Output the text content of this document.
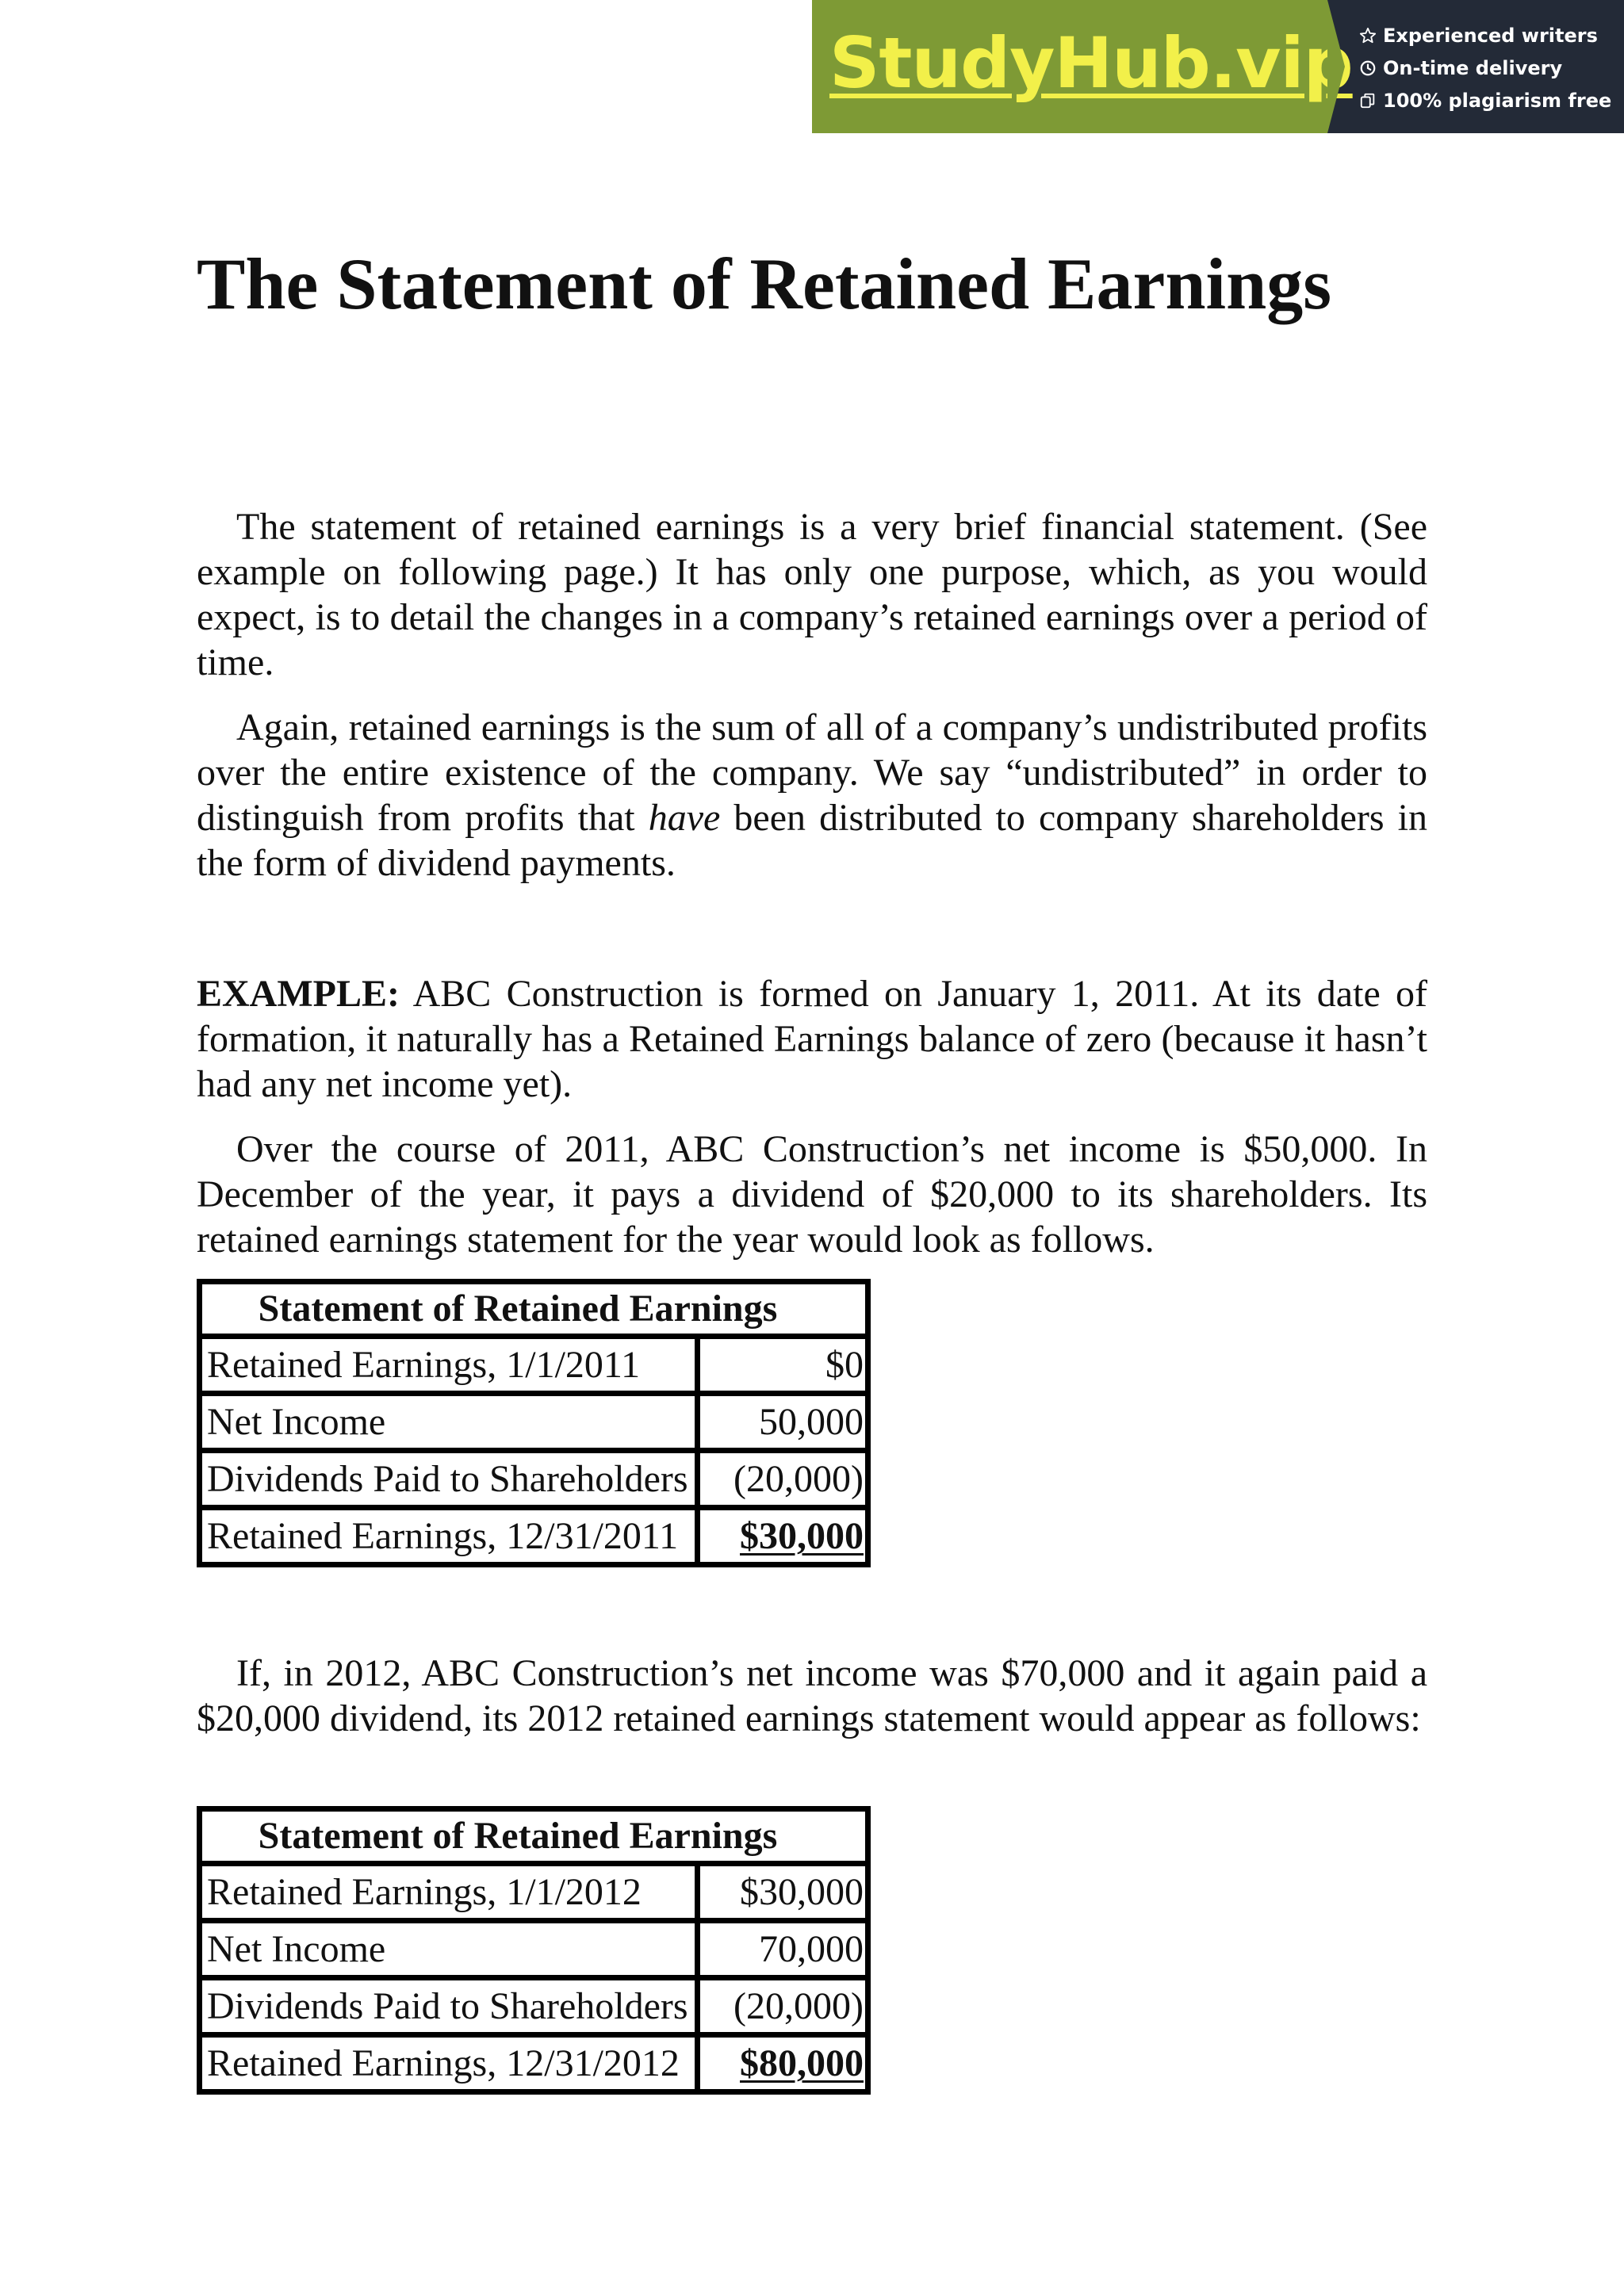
StudyHub.vip Experienced writers
On-time delivery
100% plagiarism free
The Statement of Retained Earnings

The statement of retained earnings is a very brief financial statement. (See example on following page.) It has only one purpose, which, as you would expect, is to detail the changes in a company’s retained earnings over a period of time.

Again, retained earnings is the sum of all of a company’s undistributed profits over the entire existence of the company. We say “undistributed” in order to distinguish from profits that have been distributed to company shareholders in the form of dividend payments.

EXAMPLE: ABC Construction is formed on January 1, 2011. At its date of formation, it naturally has a Retained Earnings balance of zero (because it hasn’t had any net income yet).

Over the course of 2011, ABC Construction’s net income is $50,000. In December of the year, it pays a dividend of $20,000 to its shareholders. Its retained earnings statement for the year would look as follows.

Statement of Retained Earnings
Retained Earnings, 1/1/2011	$0
Net Income	50,000
Dividends Paid to Shareholders	(20,000)
Retained Earnings, 12/31/2011	$30,000

If, in 2012, ABC Construction’s net income was $70,000 and it again paid a $20,000 dividend, its 2012 retained earnings statement would appear as follows:

Statement of Retained Earnings
Retained Earnings, 1/1/2012	$30,000
Net Income	70,000
Dividends Paid to Shareholders	(20,000)
Retained Earnings, 12/31/2012	$80,000
